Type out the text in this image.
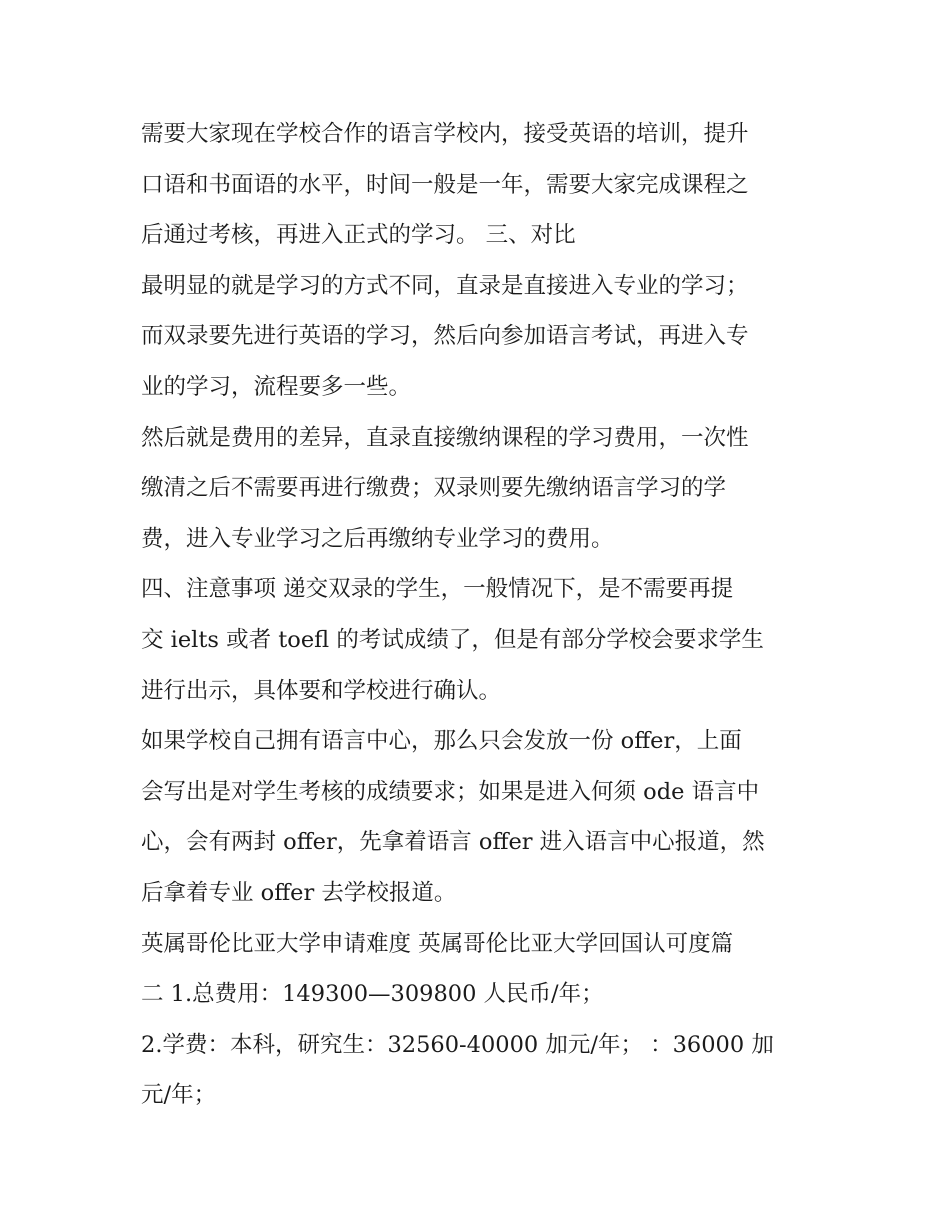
需要大家现在学校合作的语言学校内，接受英语的培训，提升
口语和书面语的水平，时间一般是一年，需要大家完成课程之
后通过考核，再进入正式的学习。 三、对比
最明显的就是学习的方式不同，直录是直接进入专业的学习；
而双录要先进行英语的学习，然后向参加语言考试，再进入专
业的学习，流程要多一些。
然后就是费用的差异，直录直接缴纳课程的学习费用，一次性
缴清之后不需要再进行缴费；双录则要先缴纳语言学习的学
费，进入专业学习之后再缴纳专业学习的费用。
四、注意事项 递交双录的学生，一般情况下，是不需要再提
交 ielts 或者 toefl 的考试成绩了，但是有部分学校会要求学生
进行出示，具体要和学校进行确认。
如果学校自己拥有语言中心，那么只会发放一份 offer，上面
会写出是对学生考核的成绩要求；如果是进入何须 ode 语言中
心，会有两封 offer，先拿着语言 offer 进入语言中心报道，然
后拿着专业 offer 去学校报道。
英属哥伦比亚大学申请难度 英属哥伦比亚大学回国认可度篇
二 1.总费用：149300—309800 人民币/年；
2.学费：本科，研究生：32560-40000 加元/年； ：36000 加
元/年；
